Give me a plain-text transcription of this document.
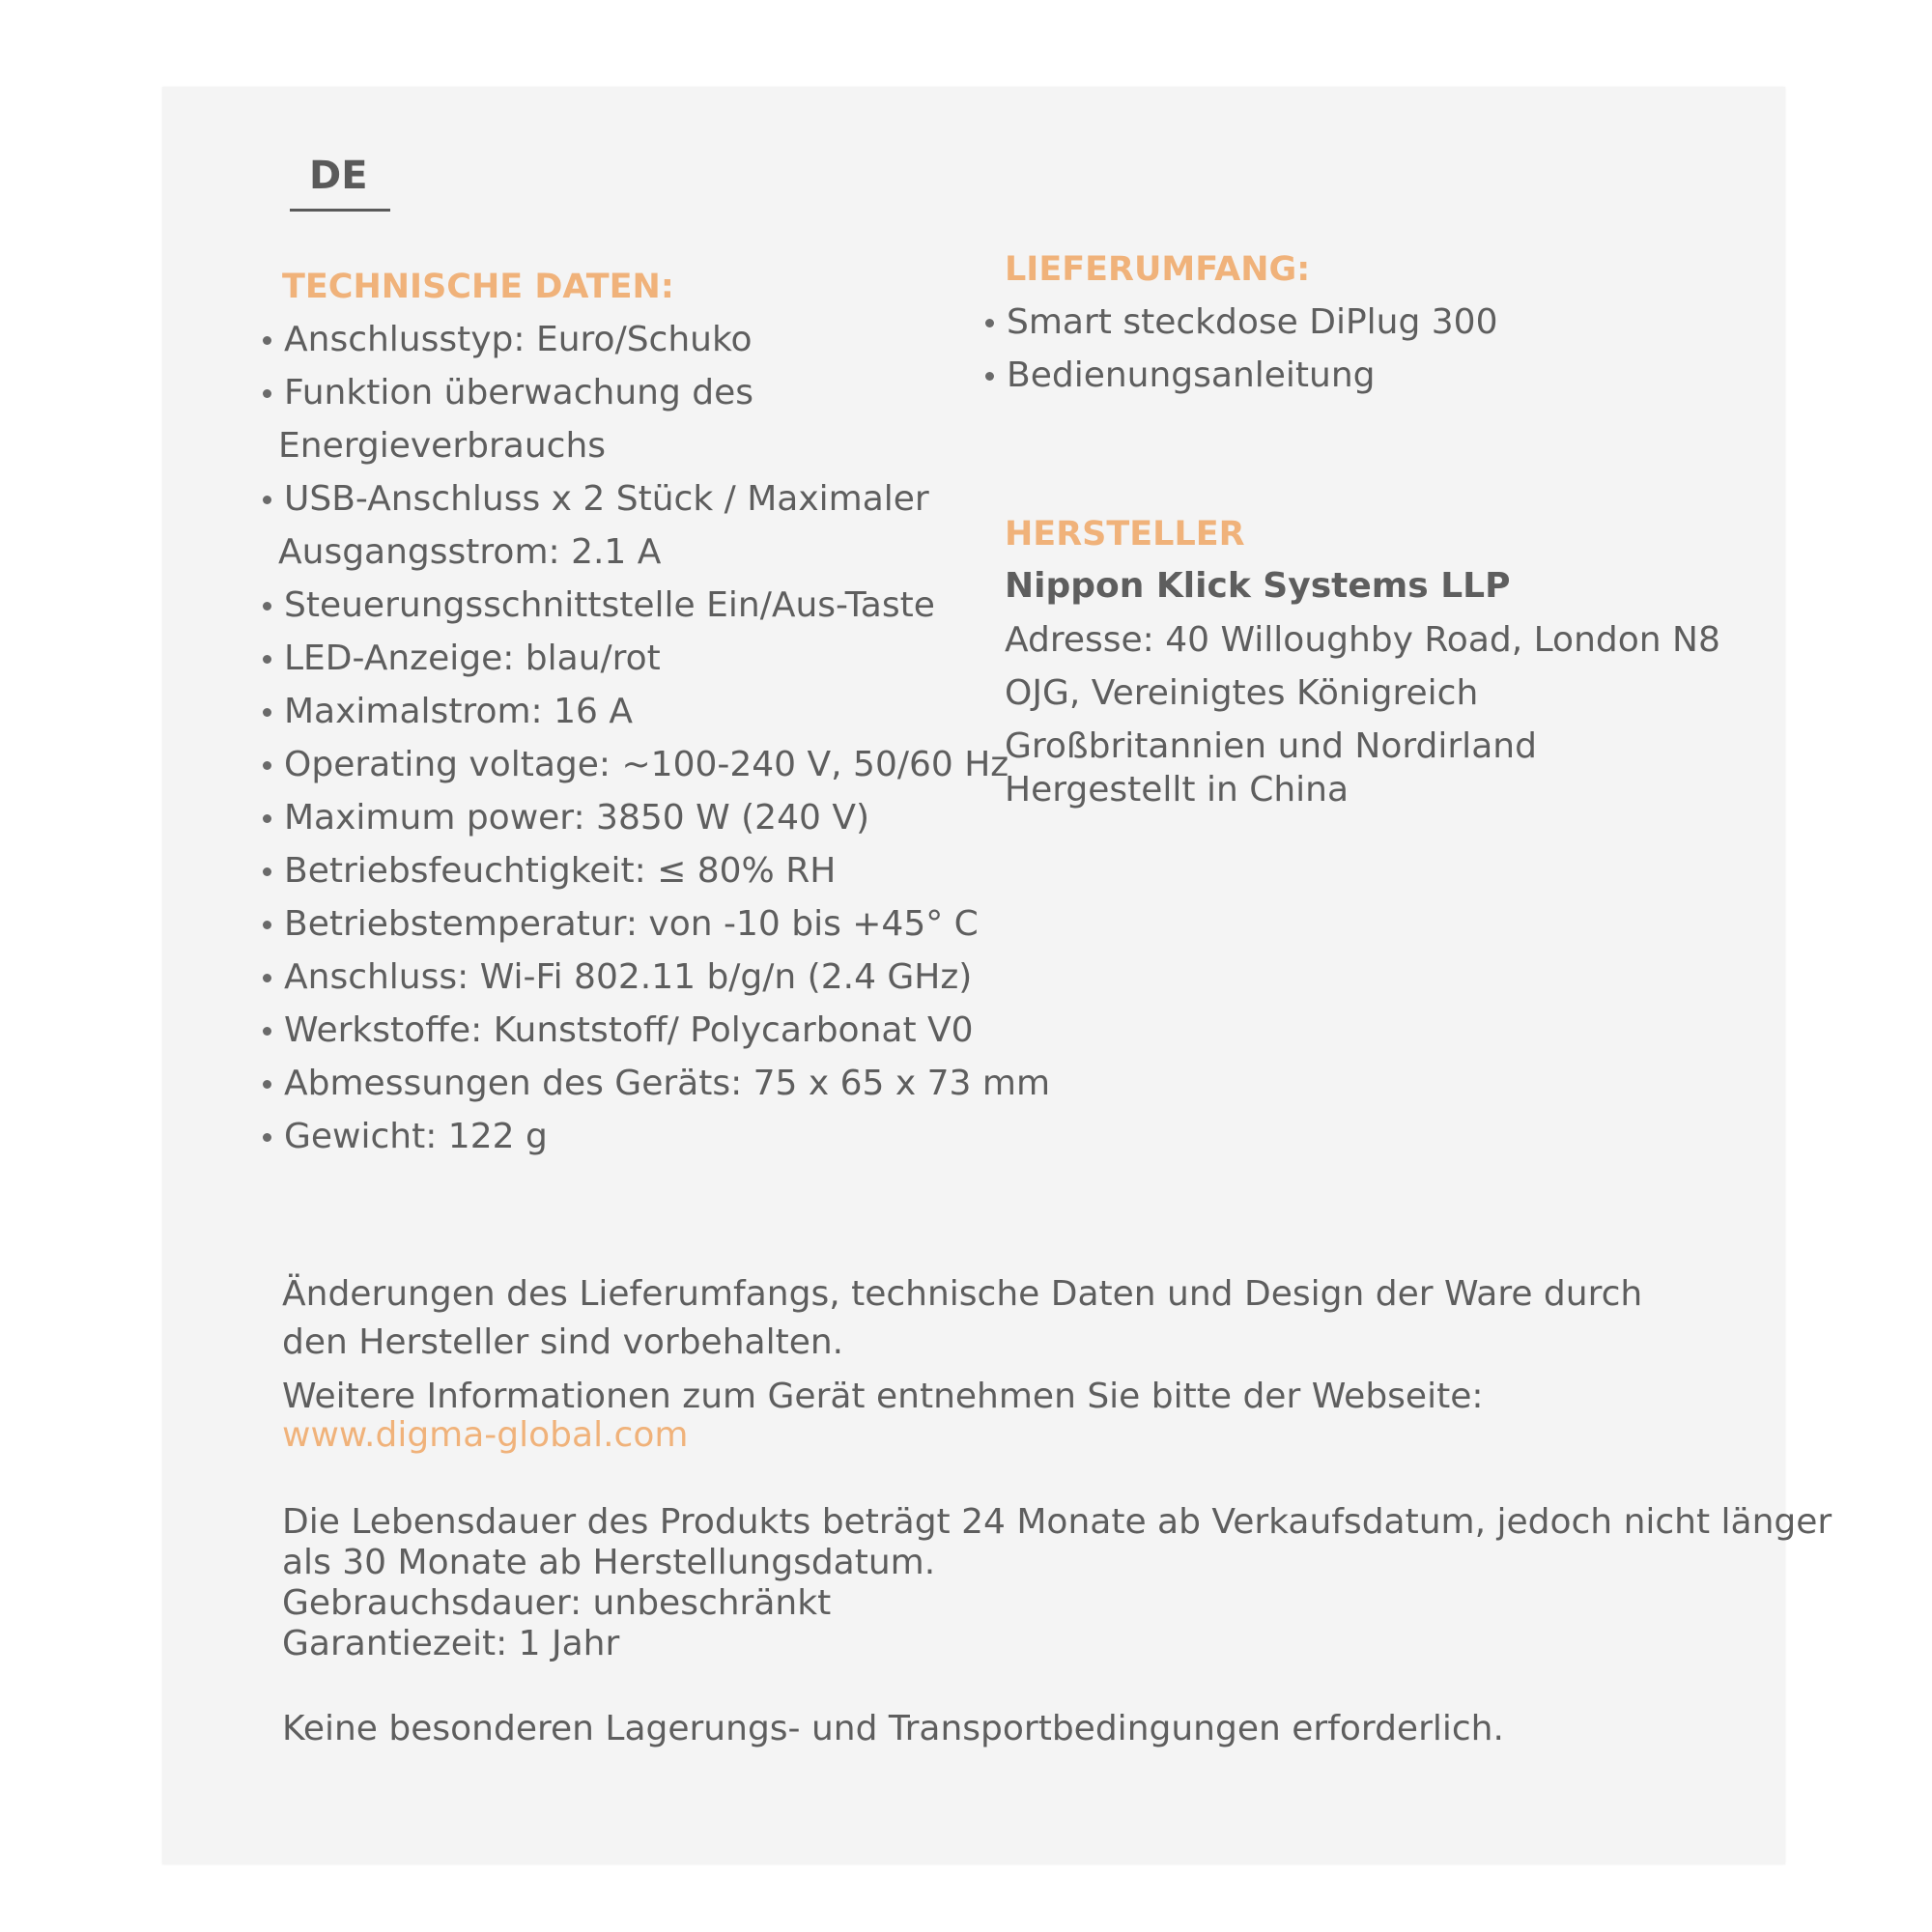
DE
TECHNISCHE DATEN:
Anschlusstyp: Euro/Schuko
Funktion überwachung des
Energieverbrauchs
USB-Anschluss x 2 Stück / Maximaler
Ausgangsstrom: 2.1 A
Steuerungsschnittstelle Ein/Aus-Taste
LED-Anzeige: blau/rot
Maximalstrom: 16 A
Operating voltage: ~100-240 V, 50/60 Hz
Maximum power: 3850 W (240 V)
Betriebsfeuchtigkeit: ≤ 80% RH
Betriebstemperatur: von -10 bis +45° C
Anschluss: Wi-Fi 802.11 b/g/n (2.4 GHz)
Werkstoffe: Kunststoff/ Polycarbonat V0
Abmessungen des Geräts: 75 x 65 x 73 mm
Gewicht: 122 g
LIEFERUMFANG:
Smart steckdose DiPlug 300
Bedienungsanleitung
HERSTELLER
Nippon Klick Systems LLP
Adresse: 40 Willoughby Road, London N8
OJG, Vereinigtes Königreich
Großbritannien und Nordirland
Hergestellt in China
Änderungen des Lieferumfangs, technische Daten und Design der Ware durch
den Hersteller sind vorbehalten.
Weitere Informationen zum Gerät entnehmen Sie bitte der Webseite:
www.digma-global.com
Die Lebensdauer des Produkts beträgt 24 Monate ab Verkaufsdatum, jedoch nicht länger
als 30 Monate ab Herstellungsdatum.
Gebrauchsdauer: unbeschränkt
Garantiezeit: 1 Jahr
Keine besonderen Lagerungs- und Transportbedingungen erforderlich.
